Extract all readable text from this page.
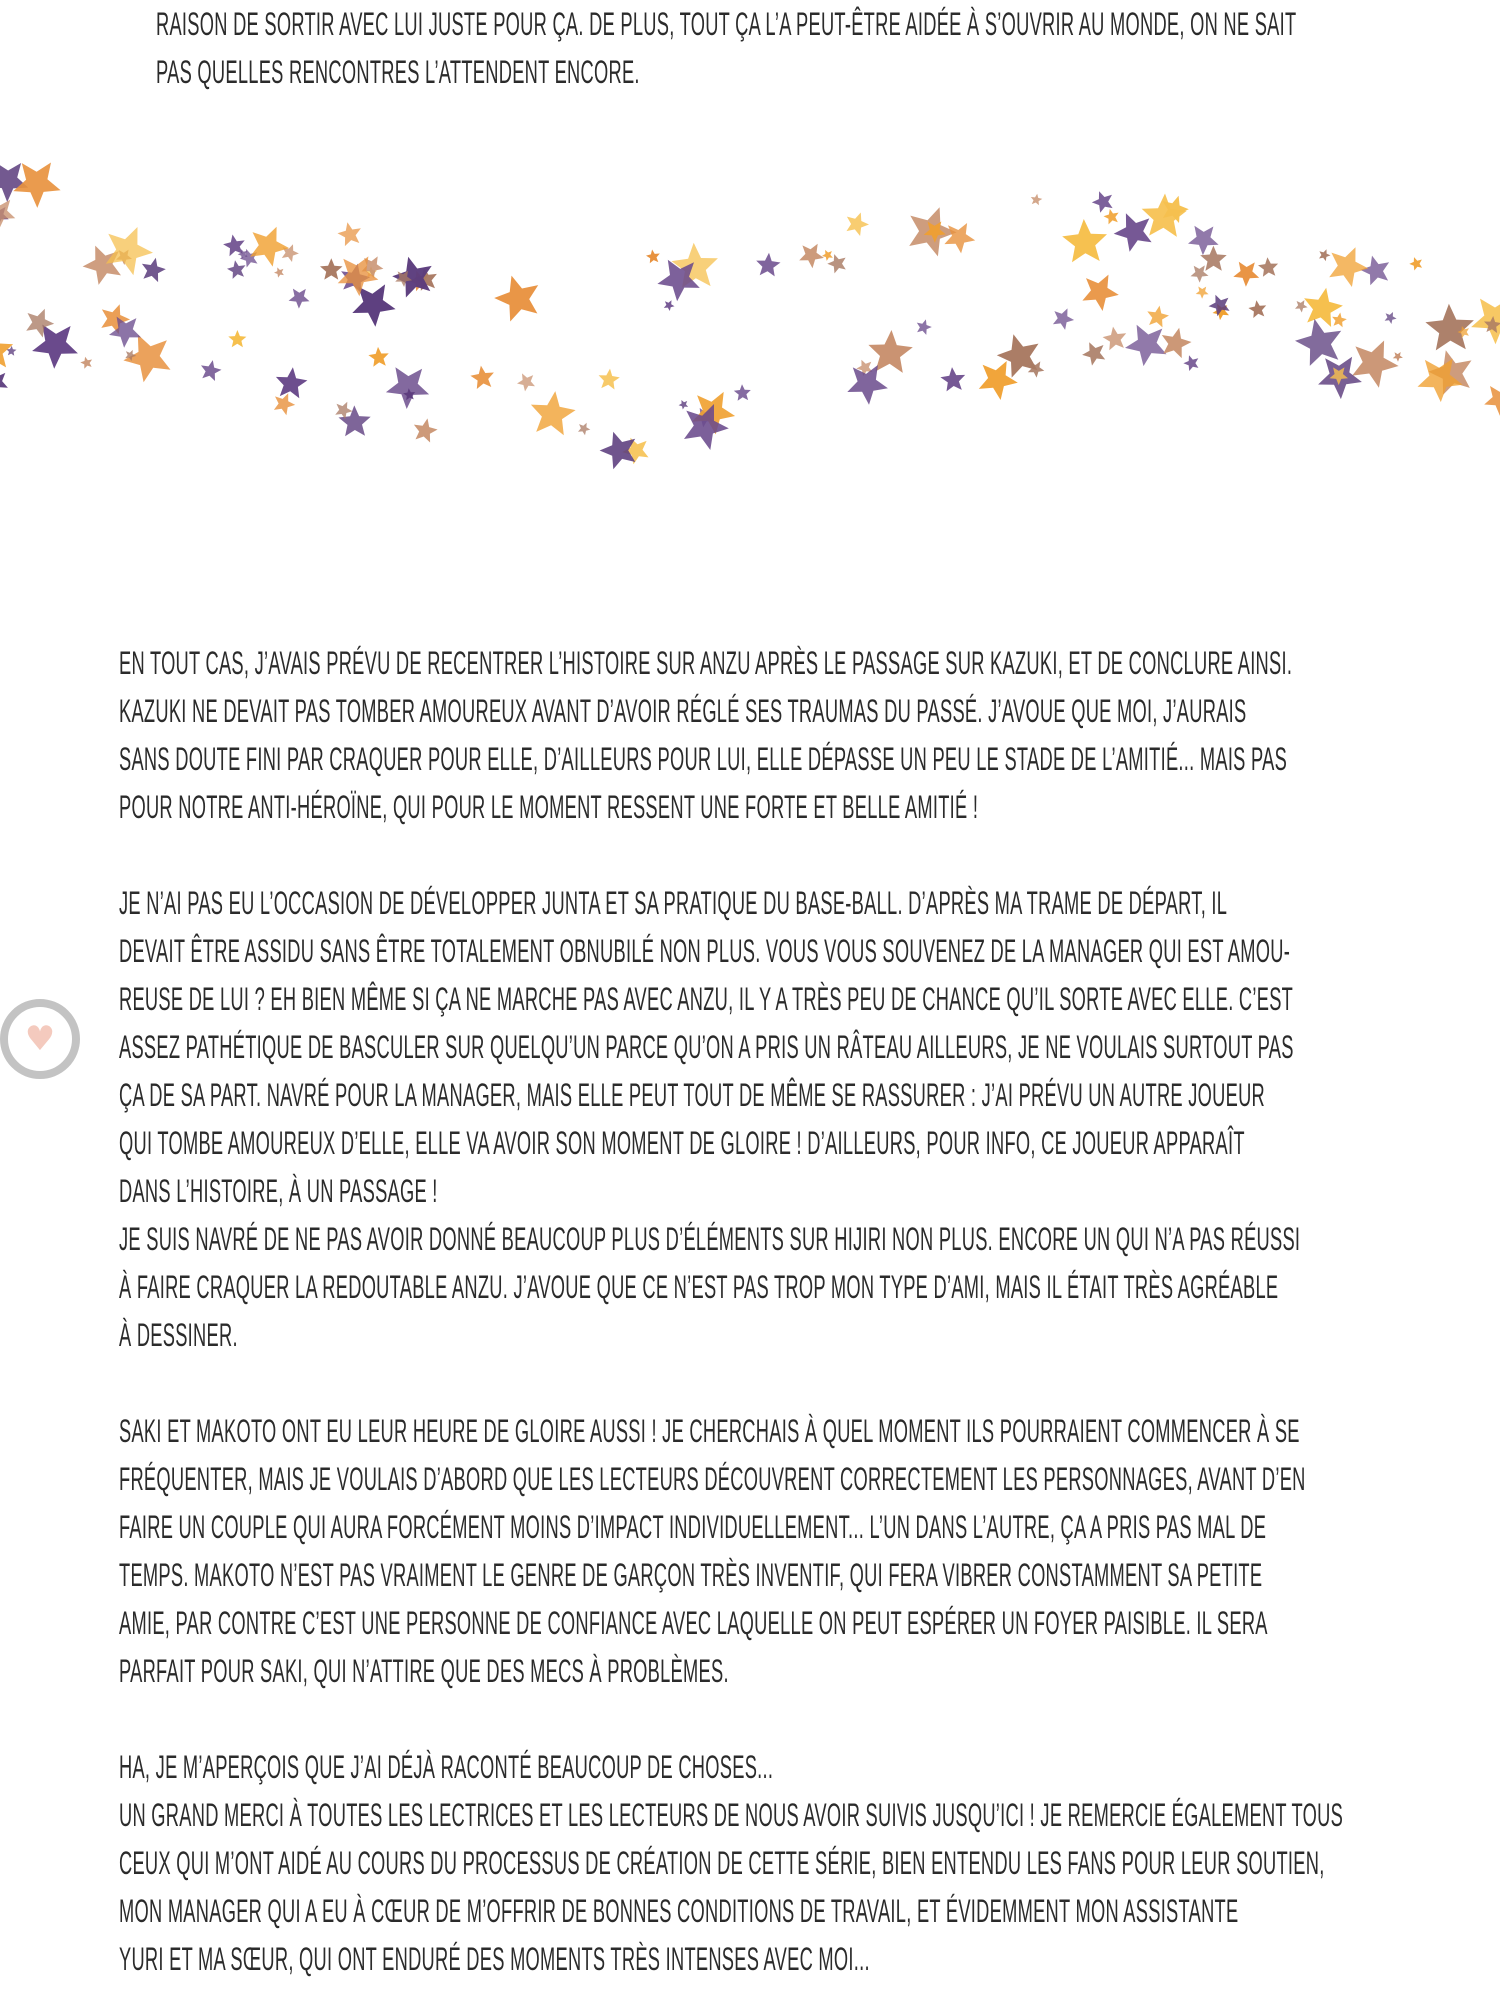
RAISON DE SORTIR AVEC LUI JUSTE POUR ÇA. DE PLUS, TOUT ÇA L’A PEUT-ÊTRE AIDÉE À S’OUVRIR AU MONDE, ON NE SAIT
PAS QUELLES RENCONTRES L’ATTENDENT ENCORE.
EN TOUT CAS, J’AVAIS PRÉVU DE RECENTRER L’HISTOIRE SUR ANZU APRÈS LE PASSAGE SUR KAZUKI, ET DE CONCLURE AINSI.
KAZUKI NE DEVAIT PAS TOMBER AMOUREUX AVANT D’AVOIR RÉGLÉ SES TRAUMAS DU PASSÉ. J’AVOUE QUE MOI, J’AURAIS
SANS DOUTE FINI PAR CRAQUER POUR ELLE, D’AILLEURS POUR LUI, ELLE DÉPASSE UN PEU LE STADE DE L’AMITIÉ... MAIS PAS
POUR NOTRE ANTI-HÉROÏNE, QUI POUR LE MOMENT RESSENT UNE FORTE ET BELLE AMITIÉ !
JE N’AI PAS EU L’OCCASION DE DÉVELOPPER JUNTA ET SA PRATIQUE DU BASE-BALL. D’APRÈS MA TRAME DE DÉPART, IL
DEVAIT ÊTRE ASSIDU SANS ÊTRE TOTALEMENT OBNUBILÉ NON PLUS. VOUS VOUS SOUVENEZ DE LA MANAGER QUI EST AMOU-
REUSE DE LUI ? EH BIEN MÊME SI ÇA NE MARCHE PAS AVEC ANZU, IL Y A TRÈS PEU DE CHANCE QU’IL SORTE AVEC ELLE. C’EST
ASSEZ PATHÉTIQUE DE BASCULER SUR QUELQU’UN PARCE QU’ON A PRIS UN RÂTEAU AILLEURS, JE NE VOULAIS SURTOUT PAS
ÇA DE SA PART. NAVRÉ POUR LA MANAGER, MAIS ELLE PEUT TOUT DE MÊME SE RASSURER : J’AI PRÉVU UN AUTRE JOUEUR
QUI TOMBE AMOUREUX D’ELLE, ELLE VA AVOIR SON MOMENT DE GLOIRE ! D’AILLEURS, POUR INFO, CE JOUEUR APPARAÎT
DANS L’HISTOIRE, À UN PASSAGE !
JE SUIS NAVRÉ DE NE PAS AVOIR DONNÉ BEAUCOUP PLUS D’ÉLÉMENTS SUR HIJIRI NON PLUS. ENCORE UN QUI N’A PAS RÉUSSI
À FAIRE CRAQUER LA REDOUTABLE ANZU. J’AVOUE QUE CE N’EST PAS TROP MON TYPE D’AMI, MAIS IL ÉTAIT TRÈS AGRÉABLE
À DESSINER.
SAKI ET MAKOTO ONT EU LEUR HEURE DE GLOIRE AUSSI ! JE CHERCHAIS À QUEL MOMENT ILS POURRAIENT COMMENCER À SE
FRÉQUENTER, MAIS JE VOULAIS D’ABORD QUE LES LECTEURS DÉCOUVRENT CORRECTEMENT LES PERSONNAGES, AVANT D’EN
FAIRE UN COUPLE QUI AURA FORCÉMENT MOINS D’IMPACT INDIVIDUELLEMENT... L’UN DANS L’AUTRE, ÇA A PRIS PAS MAL DE
TEMPS. MAKOTO N’EST PAS VRAIMENT LE GENRE DE GARÇON TRÈS INVENTIF, QUI FERA VIBRER CONSTAMMENT SA PETITE
AMIE, PAR CONTRE C’EST UNE PERSONNE DE CONFIANCE AVEC LAQUELLE ON PEUT ESPÉRER UN FOYER PAISIBLE. IL SERA
PARFAIT POUR SAKI, QUI N’ATTIRE QUE DES MECS À PROBLÈMES.
HA, JE M’APERÇOIS QUE J’AI DÉJÀ RACONTÉ BEAUCOUP DE CHOSES...
UN GRAND MERCI À TOUTES LES LECTRICES ET LES LECTEURS DE NOUS AVOIR SUIVIS JUSQU’ICI ! JE REMERCIE ÉGALEMENT TOUS
CEUX QUI M’ONT AIDÉ AU COURS DU PROCESSUS DE CRÉATION DE CETTE SÉRIE, BIEN ENTENDU LES FANS POUR LEUR SOUTIEN,
MON MANAGER QUI A EU À CŒUR DE M’OFFRIR DE BONNES CONDITIONS DE TRAVAIL, ET ÉVIDEMMENT MON ASSISTANTE
YURI ET MA SŒUR, QUI ONT ENDURÉ DES MOMENTS TRÈS INTENSES AVEC MOI...
♥
